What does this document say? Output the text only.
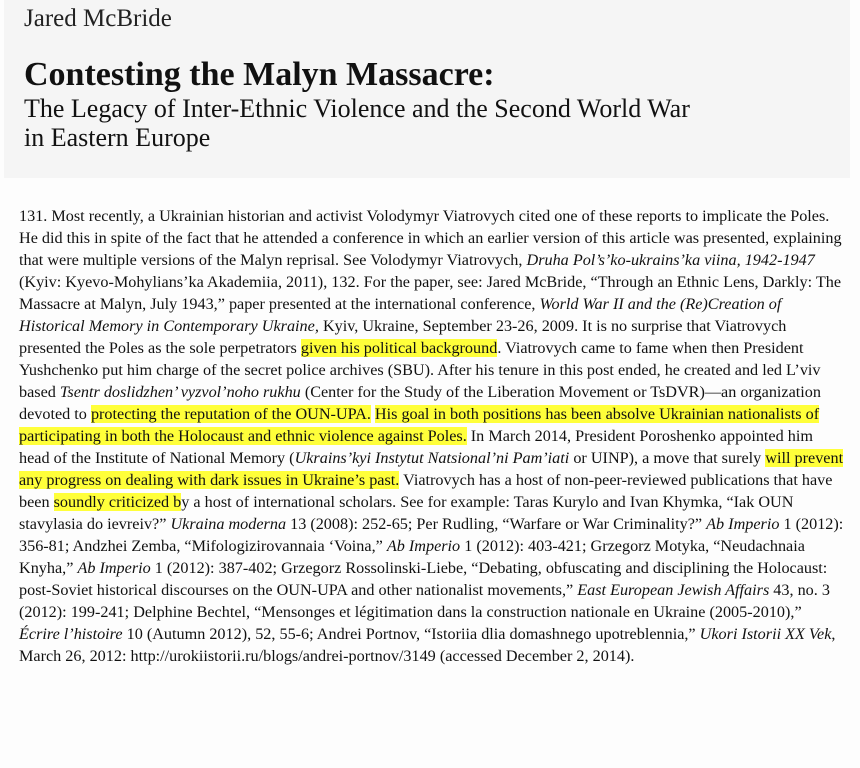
Jared McBride
Contesting the Malyn Massacre:
The Legacy of Inter-Ethnic Violence and the Second World War
in Eastern Europe

131. Most recently, a Ukrainian historian and activist Volodymyr Viatrovych cited one of these reports to implicate the Poles. He did this in spite of the fact that he attended a conference in which an earlier version of this article was presented, explaining that were multiple versions of the Malyn reprisal. See Volodymyr Viatrovych, Druha Pol’s’ko-ukrains’ka viina, 1942-1947 (Kyiv: Kyevo-Mohylians’ka Akademiia, 2011), 132. For the paper, see: Jared McBride, “Through an Ethnic Lens, Darkly: The Massacre at Malyn, July 1943,” paper presented at the international conference, World War II and the (Re)Creation of Historical Memory in Contemporary Ukraine, Kyiv, Ukraine, September 23-26, 2009. It is no surprise that Viatrovych presented the Poles as the sole perpetrators given his political background. Viatrovych came to fame when then President Yushchenko put him charge of the secret police archives (SBU). After his tenure in this post ended, he created and led L’viv based Tsentr doslidzhen’ vyzvol’noho rukhu (Center for the Study of the Liberation Movement or TsDVR)—an organization devoted to protecting the reputation of the OUN-UPA. His goal in both positions has been absolve Ukrainian nationalists of participating in both the Holocaust and ethnic violence against Poles. In March 2014, President Poroshenko appointed him head of the Institute of National Memory (Ukrains’kyi Instytut Natsional’ni Pam’iati or UINP), a move that surely will prevent any progress on dealing with dark issues in Ukraine’s past. Viatrovych has a host of non-peer-reviewed publications that have been soundly criticized by a host of international scholars. See for example: Taras Kurylo and Ivan Khymka, “Iak OUN stavylasia do ievreiv?” Ukraina moderna 13 (2008): 252-65; Per Rudling, “Warfare or War Criminality?” Ab Imperio 1 (2012): 356-81; Andzhei Zemba, “Mifologizirovannaia ‘Voina,” Ab Imperio 1 (2012): 403-421; Grzegorz Motyka, “Neudachnaia Knyha,” Ab Imperio 1 (2012): 387-402; Grzegorz Rossolinski-Liebe, “Debating, obfuscating and disciplining the Holocaust: post-Soviet historical discourses on the OUN-UPA and other nationalist movements,” East European Jewish Affairs 43, no. 3 (2012): 199-241; Delphine Bechtel, “Mensonges et légitimation dans la construction nationale en Ukraine (2005-2010),” Écrire l’histoire 10 (Autumn 2012), 52, 55-6; Andrei Portnov, “Istoriia dlia domashnego upotreblennia,” Ukori Istorii XX Vek, March 26, 2012: http://urokiistorii.ru/blogs/andrei-portnov/3149 (accessed December 2, 2014).
